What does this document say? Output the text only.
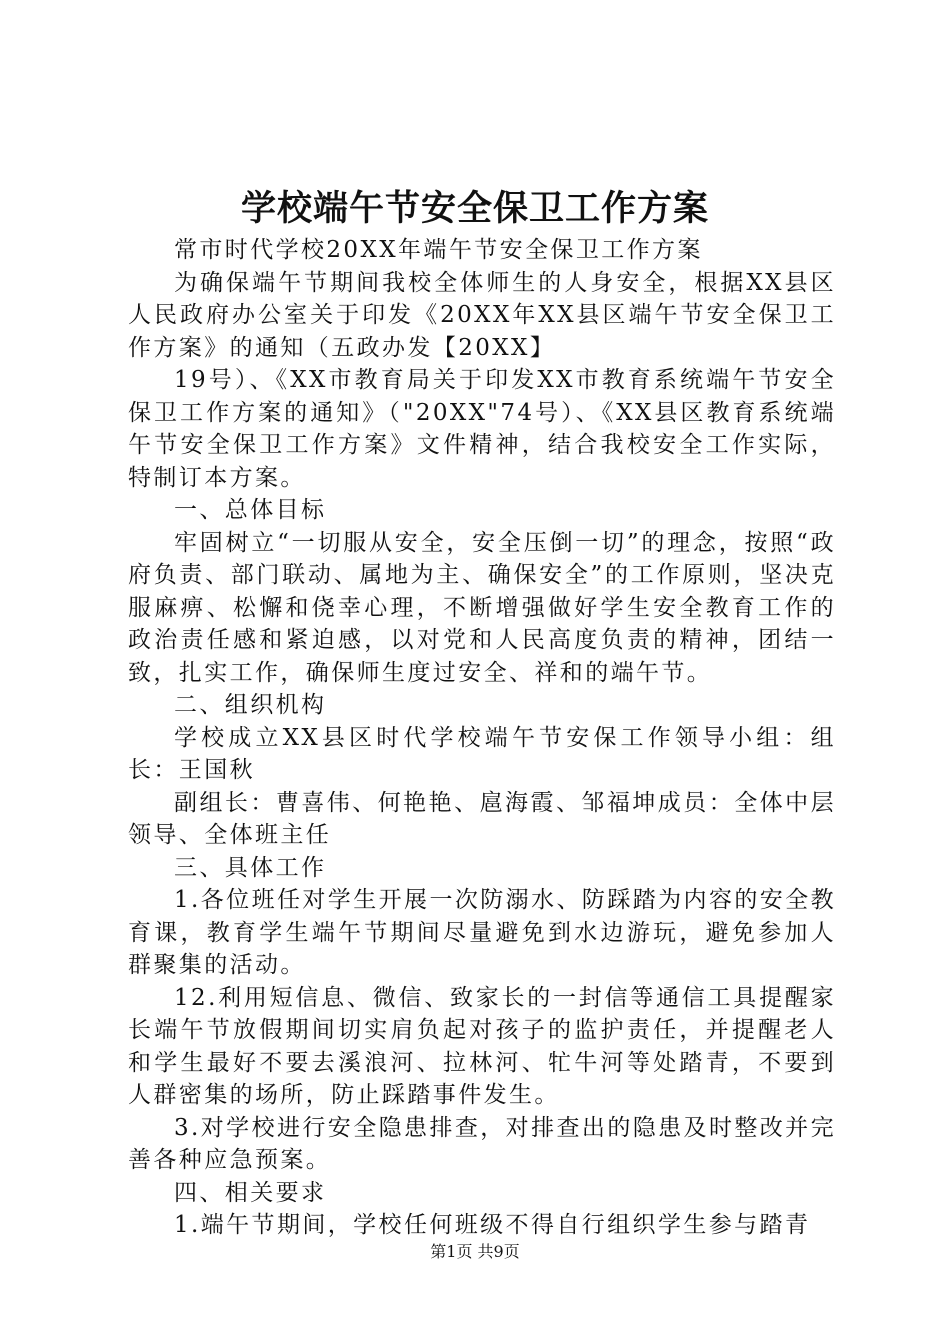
学校端午节安全保卫工作方案

常市时代学校20XX年端午节安全保卫工作方案

为确保端午节期间我校全体师生的人身安全，根据XX县区人民政府办公室关于印发《20XX年XX县区端午节安全保卫工作方案》的通知（五政办发【20XX】

19号）、《XX市教育局关于印发XX市教育系统端午节安全保卫工作方案的通知》（"20XX"74号）、《XX县区教育系统端午节安全保卫工作方案》文件精神，结合我校安全工作实际，特制订本方案。

一、总体目标

牢固树立“一切服从安全，安全压倒一切”的理念，按照“政府负责、部门联动、属地为主、确保安全”的工作原则，坚决克服麻痹、松懈和侥幸心理，不断增强做好学生安全教育工作的政治责任感和紧迫感，以对党和人民高度负责的精神，团结一致，扎实工作，确保师生度过安全、祥和的端午节。

二、组织机构

学校成立XX县区时代学校端午节安保工作领导小组：组长：王国秋

副组长：曹喜伟、何艳艳、扈海霞、邹福坤成员：全体中层领导、全体班主任

三、具体工作

1.各位班任对学生开展一次防溺水、防踩踏为内容的安全教育课，教育学生端午节期间尽量避免到水边游玩，避免参加人群聚集的活动。

12.利用短信息、微信、致家长的一封信等通信工具提醒家长端午节放假期间切实肩负起对孩子的监护责任，并提醒老人和学生最好不要去溪浪河、拉林河、牤牛河等处踏青，不要到人群密集的场所，防止踩踏事件发生。

3.对学校进行安全隐患排查，对排查出的隐患及时整改并完善各种应急预案。

四、相关要求

1.端午节期间，学校任何班级不得自行组织学生参与踏青

第1页 共9页
